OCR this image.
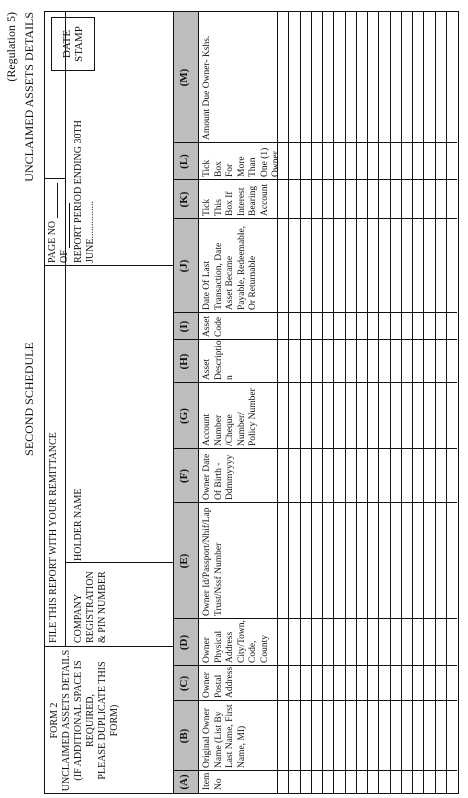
(Regulation 5)
SECOND SCHEDULE
UNCLAIMED ASSETS DETAILS
FORM 2 UNCLAIMED ASSETS DETAILS (IF ADDITIONAL SPACE IS REQUIRED, PLEASE DUPLICATE THIS FORM)
FILE THIS REPORT WITH YOUR REMITTANCE COMPANY REGISTRATION & PIN NUMBER
HOLDER NAME
REPORT PERIOD ENDING 30TH JUNE...............
PAGE NO OF
DATE STAMP
(A)
(B)
(C)
(D)
(E)
(F)
(G)
(H)
(I)
(J)
(K)
(L)
(M)
Item No
Original Owner Name (List By Last Name, First Name, MI)
Owner Postal Address
Owner Physical Address City/Town, Code, County
Owner Id/Passport/Nhif/Lap Trust/Nssf Number
Owner Date Of Birth - Ddmmyyyy
Account Number /Cheque Number/ Policy Number
Asset Descriptio n
Asset Code
Date Of Last Transaction, Date Asset Became Payable, Redeemable, Or Returnable
Tick This Box If Interest Bearing Account
Tick Box For More Than One (1) Owner
Amount Due Owner- Kshs.
